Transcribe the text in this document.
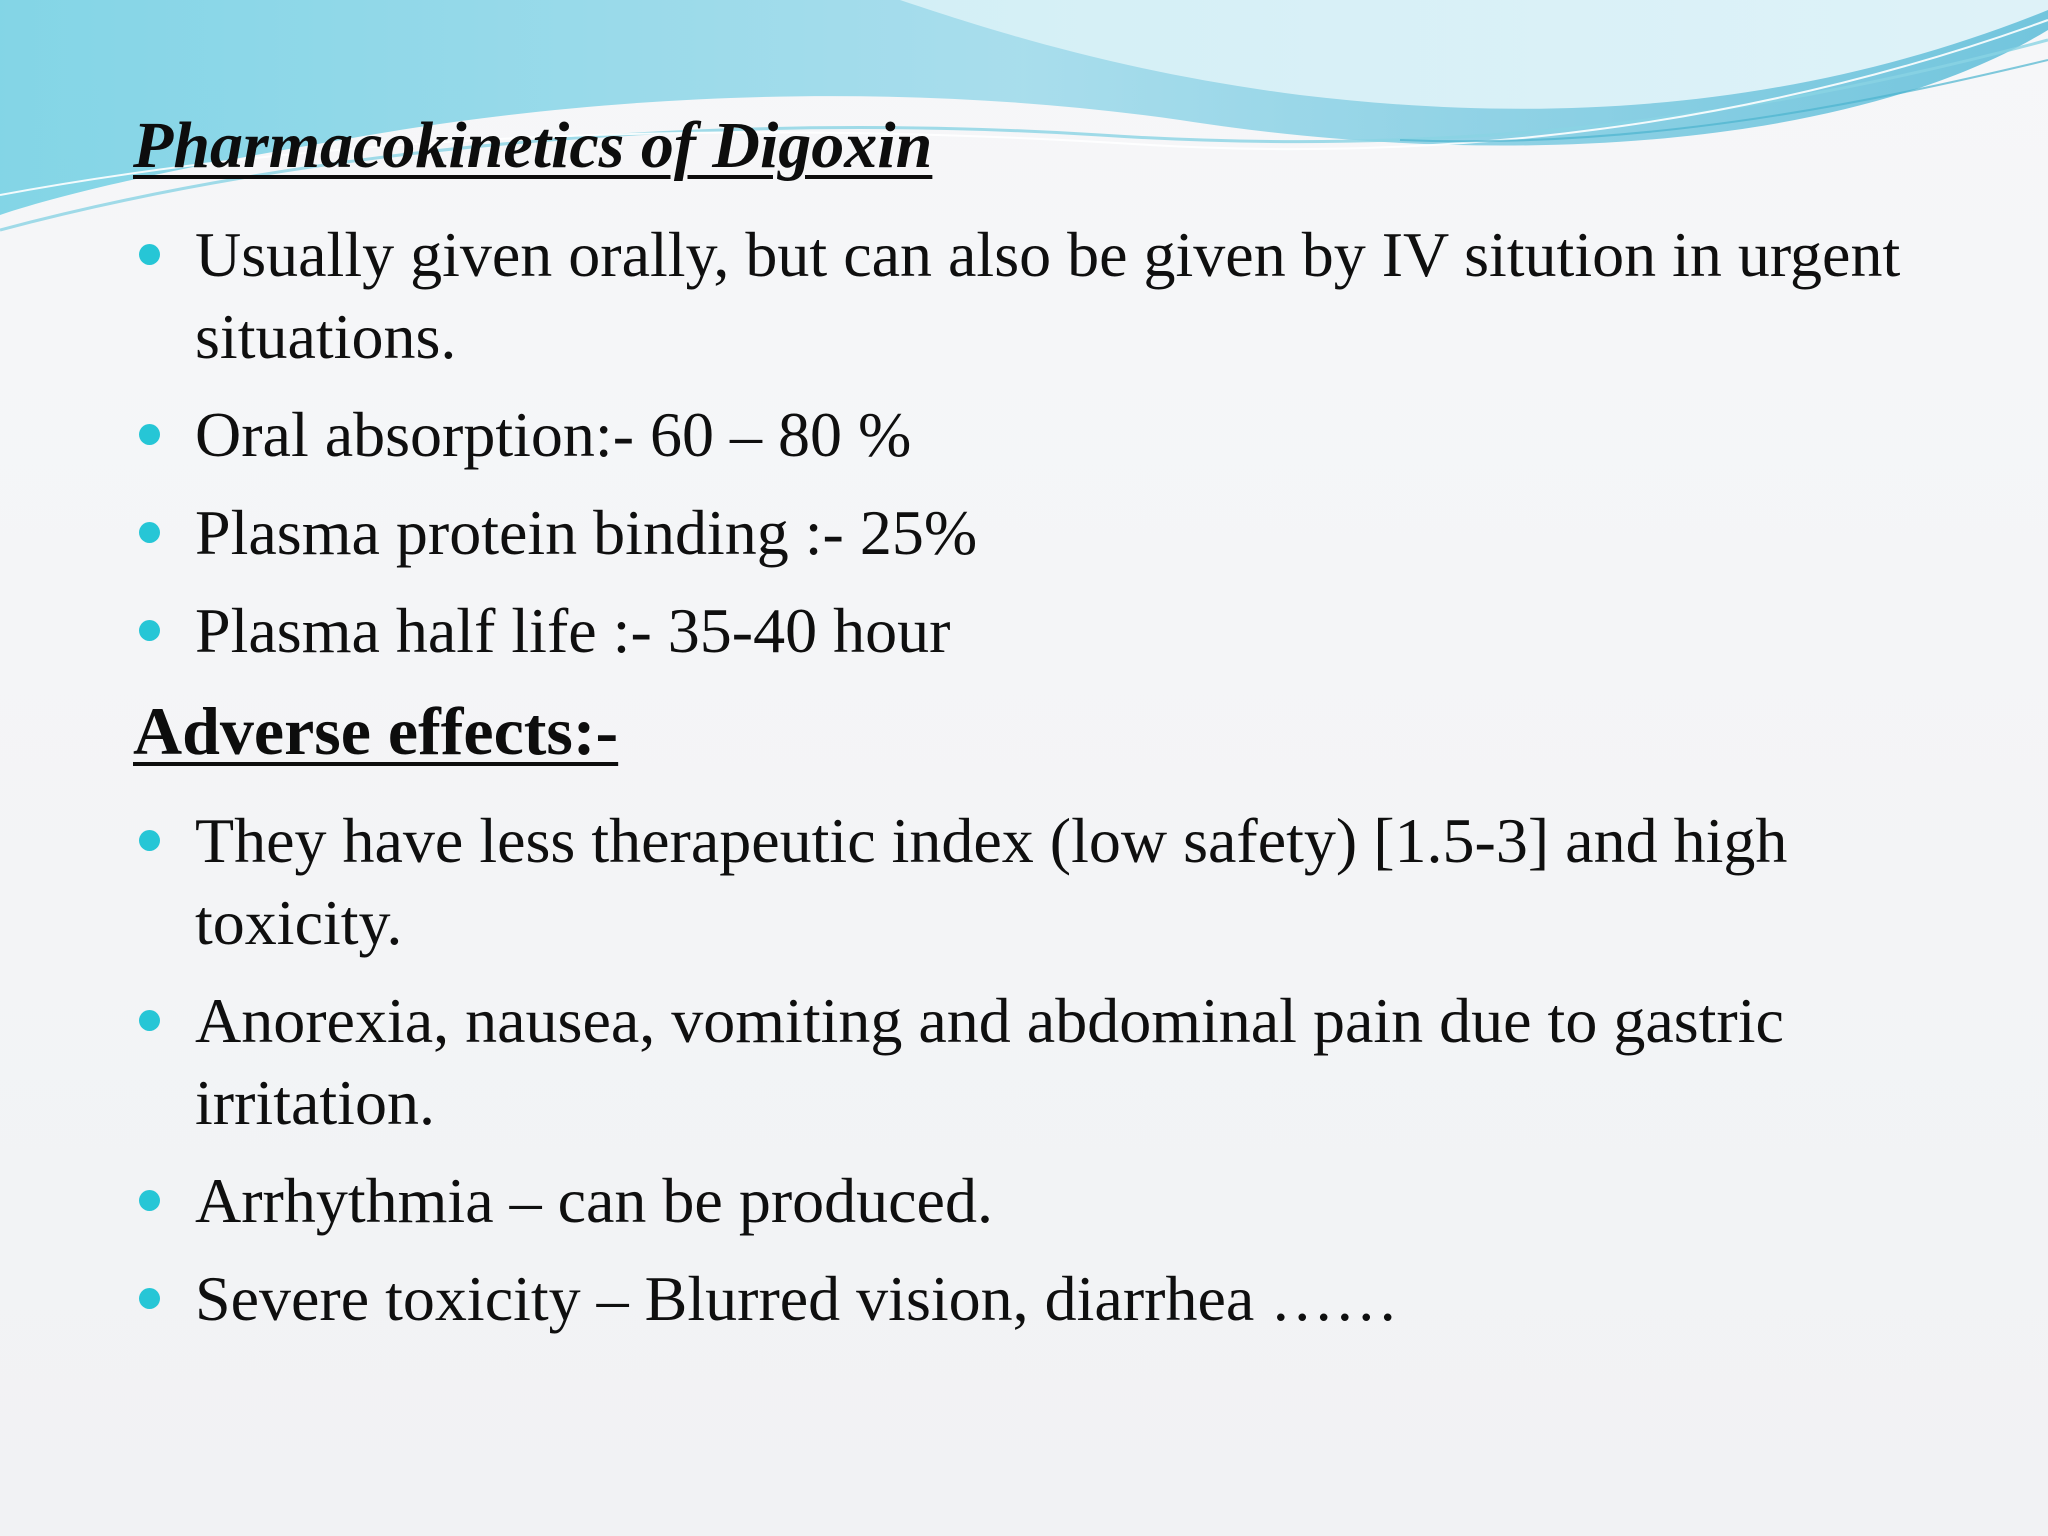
Pharmacokinetics of Digoxin
Usually given orally, but can also be given by IV sitution in urgent situations.
Oral absorption:- 60 – 80 %
Plasma protein binding :- 25%
Plasma half life :- 35-40 hour
Adverse effects:-
They have less therapeutic index (low safety) [1.5-3] and high toxicity.
Anorexia, nausea, vomiting and abdominal pain due to gastric irritation.
Arrhythmia – can be produced.
Severe toxicity – Blurred vision, diarrhea ……
